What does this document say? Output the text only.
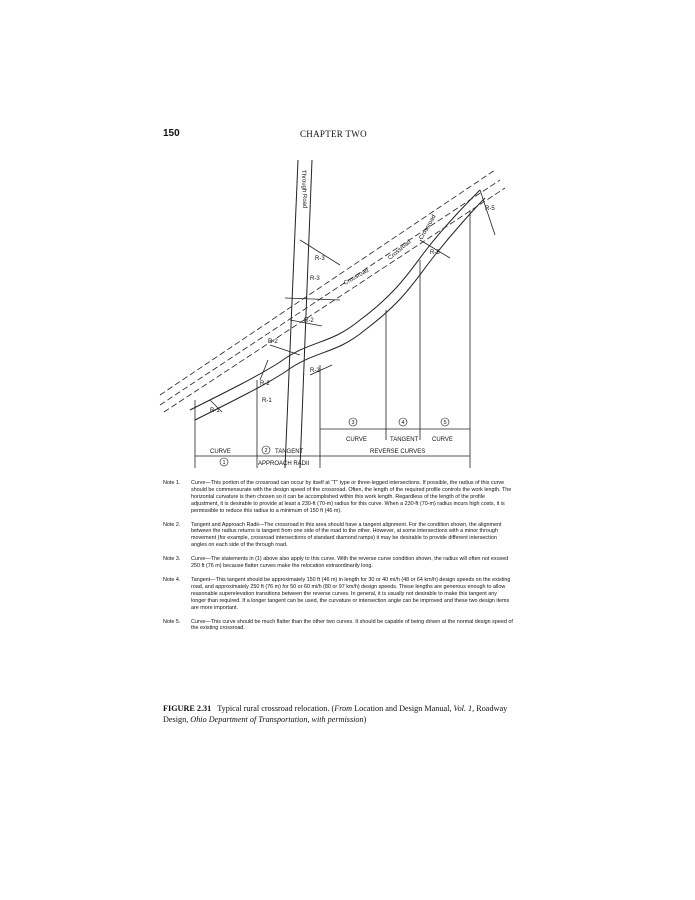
150	CHAPTER TWO
Through Road
Crossroad
Crossroad
Crossroad
R-1
R-1
R-2
R-2
R-2
R-2
R-3
R-3
R-5
R-5
CURVE	TANGENT CURVE
CURVE	TANGENT
APPROACH RADII
REVERSE CURVES
1
2
3	4	5
Note 1.	Curve—This portion of the crossroad can occur by itself at “T” type or three-legged intersections. If possible, the radius of this curve should be commensurate with the design speed of the crossroad. Often, the length of the required profile controls the work length. The horizontal curvature is then chosen so it can be accomplished within this work length. Regardless of the length of the profile adjustment, it is desirable to provide at least a 230-ft (70-m) radius for this curve. When a 230-ft (70-m) radius incurs high costs, it is permissible to reduce this radius to a minimum of 150 ft (46 m).
Note 2.	Tangent and Approach Radii—The crossroad in this area should have a tangent alignment. For the condition shown, the alignment between the radius returns is tangent from one side of the road to the other. However, at some intersections with a minor through movement (for example, crossroad intersections of standard diamond ramps) it may be desirable to provide different intersection angles on each side of the through road.
Note 3.	Curve—The statements in (1) above also apply to this curve. With the reverse curve condition shown, the radius will often not exceed 250 ft (76 m) because flatter curves make the relocation extraordinarily long.
Note 4.	Tangent—This tangent should be approximately 150 ft (46 m) in length for 30 or 40 mi/h (48 or 64 km/h) design speeds on the existing road, and approximately 250 ft (76 m) for 50 or 60 mi/h (80 or 97 km/h) design speeds. These lengths are generous enough to allow reasonable superelevation transitions between the reverse curves. In general, it is usually not desirable to make this tangent any longer than required. If a longer tangent can be used, the curvature or intersection angle can be improved and these two design items are more important.
Note 5.	Curve—This curve should be much flatter than the other two curves. It should be capable of being driven at the normal design speed of the existing crossroad.
FIGURE 2.31 Typical rural crossroad relocation. (From Location and Design Manual, Vol. 1, Roadway Design, Ohio Department of Transportation, with permission)
